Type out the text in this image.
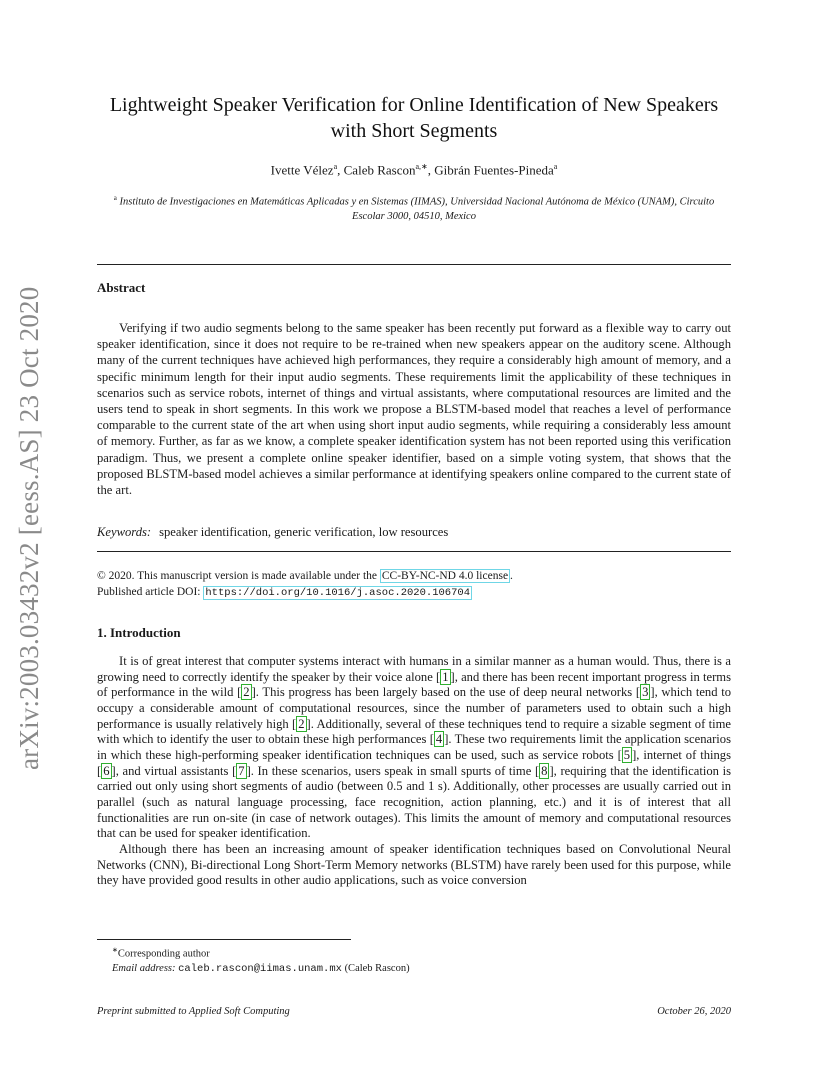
arXiv:2003.03432v2 [eess.AS] 23 Oct 2020
Lightweight Speaker Verification for Online Identification of New Speakers
with Short Segments
Ivette Vélez$^a$, Caleb Rascon$^{a,∗}$, Gibrán Fuentes-Pineda$^a$
$^a$ Instituto de Investigaciones en Matemáticas Aplicadas y en Sistemas (IIMAS), Universidad Nacional Autónoma de México (UNAM), Circuito Escolar 3000, 04510, Mexico
Abstract

Verifying if two audio segments belong to the same speaker has been recently put forward as a flexible way to carry out speaker identification, since it does not require to be re-trained when new speakers appear on the auditory scene. Although many of the current techniques have achieved high performances, they require a considerably high amount of memory, and a specific minimum length for their input audio segments. These requirements limit the applicability of these techniques in scenarios such as service robots, internet of things and virtual assistants, where computational resources are limited and the users tend to speak in short segments. In this work we propose a BLSTM-based model that reaches a level of performance comparable to the current state of the art when using short input audio segments, while requiring a considerably less amount of memory. Further, as far as we know, a complete speaker identification system has not been reported using this verification paradigm. Thus, we present a complete online speaker identifier, based on a simple voting system, that shows that the proposed BLSTM-based model achieves a similar performance at identifying speakers online compared to the current state of the art.

Keywords: speaker identification, generic verification, low resources
© 2020. This manuscript version is made available under the CC-BY-NC-ND 4.0 license .
Published article DOI: https://doi.org/10.1016/j.asoc.2020.106704
1. Introduction

It is of great interest that computer systems interact with humans in a similar manner as a human would. Thus, there is a growing need to correctly identify the speaker by their voice alone [ 1 ], and there has been recent important progress in terms of performance in the wild [ 2 ]. This progress has been largely based on the use of deep neural networks [ 3 ], which tend to occupy a considerable amount of computational resources, since the number of parameters used to obtain such a high performance is usually relatively high [ 2 ]. Additionally, several of these techniques tend to require a sizable segment of time with which to identify the user to obtain these high performances [ 4 ]. These two requirements limit the application scenarios in which these high-performing speaker identification techniques can be used, such as service robots [ 5 ], internet of things [ 6 ], and virtual assistants [ 7 ]. In these scenarios, users speak in small spurts of time [ 8 ], requiring that the identification is carried out only using short segments of audio (between 0.5 and 1 s). Additionally, other processes are usually carried out in parallel (such as natural language processing, face recognition, action planning, etc.) and it is of interest that all functionalities are run on-site (in case of network outages). This limits the amount of memory and computational resources that can be used for speaker identification.

Although there has been an increasing amount of speaker identification techniques based on Convolutional Neural Networks (CNN), Bi-directional Long Short-Term Memory networks (BLSTM) have rarely been used for this purpose, while they have provided good results in other audio applications, such as voice conversion

∗Corresponding author
Email address: caleb.rascon@iimas.unam.mx (Caleb Rascon)
Preprint submitted to Applied Soft Computing	October 26, 2020
